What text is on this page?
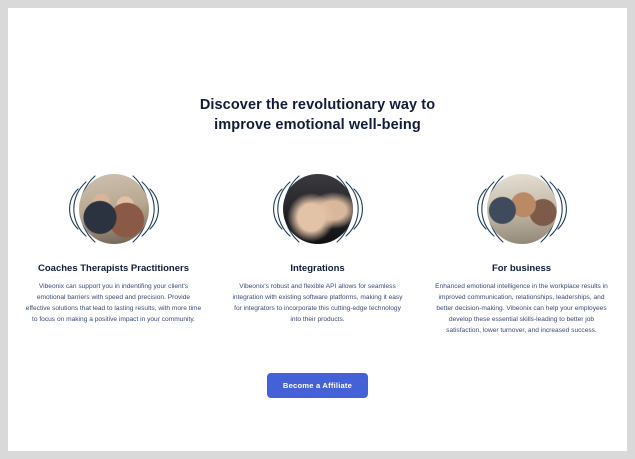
Discover the revolutionary way to
improve emotional well-being
Coaches Therapists Practitioners

Vibeonix can support you in indentifing your client's emotional barriers with speed and precision. Provide effective solutions that lead to lasting results, with more time to focus on making a positive impact in your community.

Integrations

Vibeonix's robust and flexible API allows for seamless integration with existing software platforms, making it easy for integrators to incorporate this cutting-edge technology into their products.

For business

Enhanced emotional intelligence in the workplace results in improved communication, relationships, leaderships, and better decision-making. Vibeonix can help your employees develop these essential skills-leading to better job satisfaction, lower turnover, and increased success.

Become a Affiliate
